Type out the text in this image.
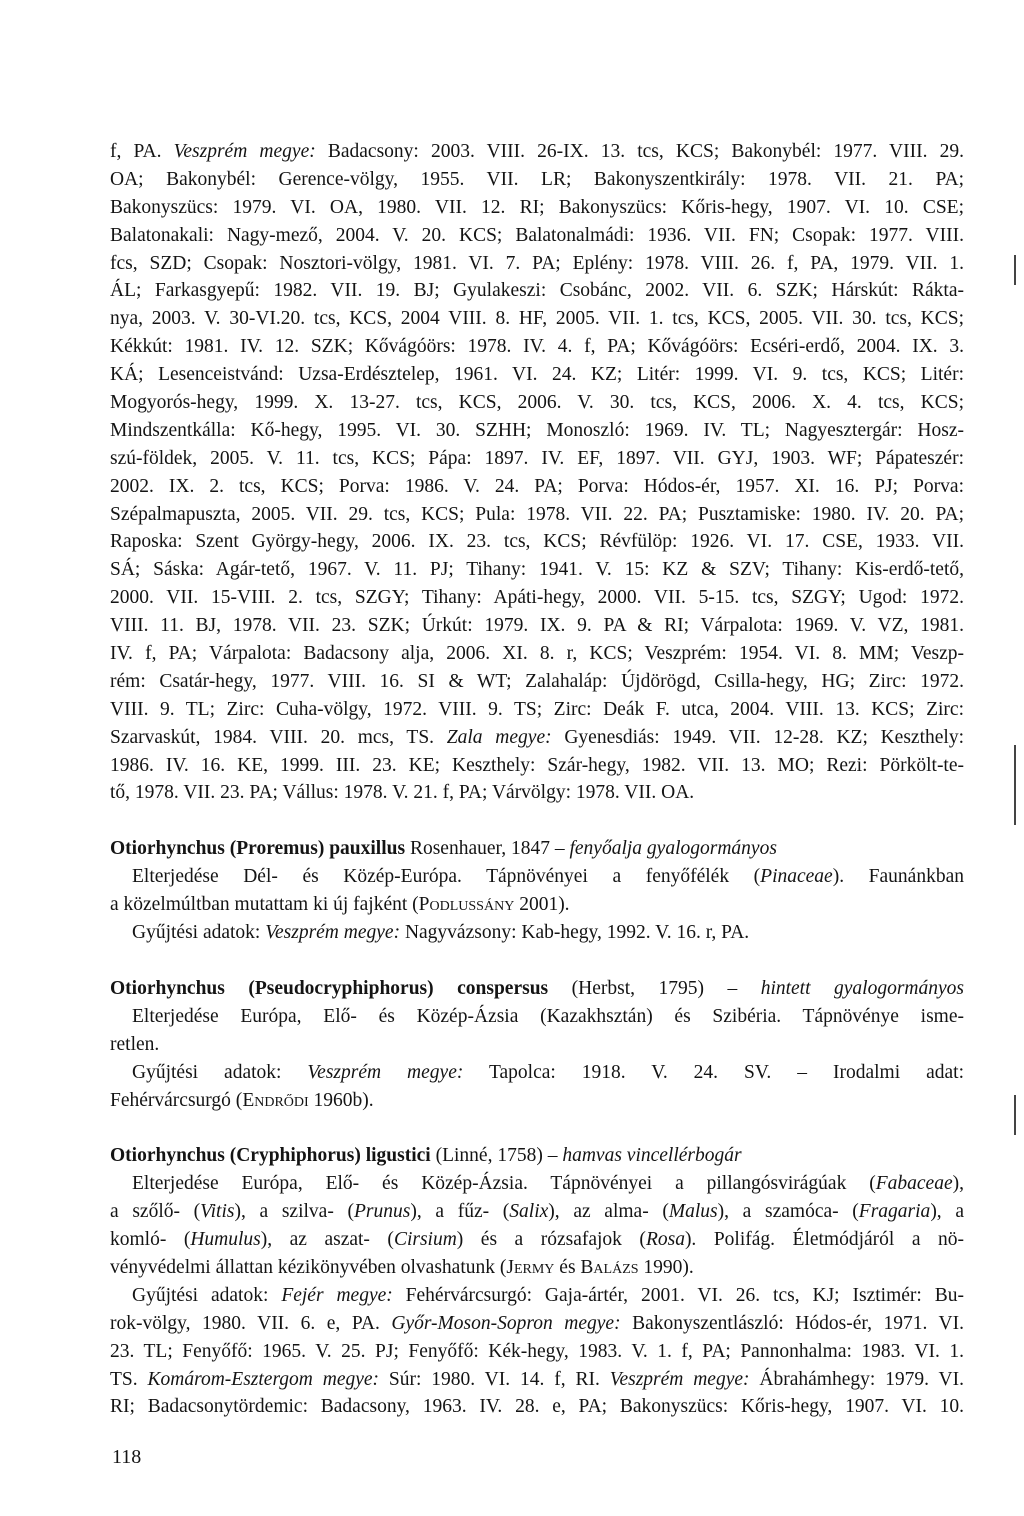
f, PA. Veszprém megye: Badacsony: 2003. VIII. 26-IX. 13. tcs, KCS; Bakonybél: 1977. VIII. 29.
OA; Bakonybél: Gerence-völgy, 1955. VII. LR; Bakonyszentkirály: 1978. VII. 21. PA;
Bakonyszücs: 1979. VI. OA, 1980. VII. 12. RI; Bakonyszücs: Kőris-hegy, 1907. VI. 10. CSE;
Balatonakali: Nagy-mező, 2004. V. 20. KCS; Balatonalmádi: 1936. VII. FN; Csopak: 1977. VIII.
fcs, SZD; Csopak: Nosztori-völgy, 1981. VI. 7. PA; Eplény: 1978. VIII. 26. f, PA, 1979. VII. 1.
ÁL; Farkasgyepű: 1982. VII. 19. BJ; Gyulakeszi: Csobánc, 2002. VII. 6. SZK; Hárskút: Rákta-
nya, 2003. V. 30-VI.20. tcs, KCS, 2004 VIII. 8. HF, 2005. VII. 1. tcs, KCS, 2005. VII. 30. tcs, KCS;
Kékkút: 1981. IV. 12. SZK; Kővágóörs: 1978. IV. 4. f, PA; Kővágóörs: Ecséri-erdő, 2004. IX. 3.
KÁ; Lesenceistvánd: Uzsa-Erdésztelep, 1961. VI. 24. KZ; Litér: 1999. VI. 9. tcs, KCS; Litér:
Mogyorós-hegy, 1999. X. 13-27. tcs, KCS, 2006. V. 30. tcs, KCS, 2006. X. 4. tcs, KCS;
Mindszentkálla: Kő-hegy, 1995. VI. 30. SZHH; Monoszló: 1969. IV. TL; Nagyesztergár: Hosz-
szú-földek, 2005. V. 11. tcs, KCS; Pápa: 1897. IV. EF, 1897. VII. GYJ, 1903. WF; Pápateszér:
2002. IX. 2. tcs, KCS; Porva: 1986. V. 24. PA; Porva: Hódos-ér, 1957. XI. 16. PJ; Porva:
Szépalmapuszta, 2005. VII. 29. tcs, KCS; Pula: 1978. VII. 22. PA; Pusztamiske: 1980. IV. 20. PA;
Raposka: Szent György-hegy, 2006. IX. 23. tcs, KCS; Révfülöp: 1926. VI. 17. CSE, 1933. VII.
SÁ; Sáska: Agár-tető, 1967. V. 11. PJ; Tihany: 1941. V. 15: KZ & SZV; Tihany: Kis-erdő-tető,
2000. VII. 15-VIII. 2. tcs, SZGY; Tihany: Apáti-hegy, 2000. VII. 5-15. tcs, SZGY; Ugod: 1972.
VIII. 11. BJ, 1978. VII. 23. SZK; Úrkút: 1979. IX. 9. PA & RI; Várpalota: 1969. V. VZ, 1981.
IV. f, PA; Várpalota: Badacsony alja, 2006. XI. 8. r, KCS; Veszprém: 1954. VI. 8. MM; Veszp-
rém: Csatár-hegy, 1977. VIII. 16. SI & WT; Zalahaláp: Újdörögd, Csilla-hegy, HG; Zirc: 1972.
VIII. 9. TL; Zirc: Cuha-völgy, 1972. VIII. 9. TS; Zirc: Deák F. utca, 2004. VIII. 13. KCS; Zirc:
Szarvaskút, 1984. VIII. 20. mcs, TS. Zala megye: Gyenesdiás: 1949. VII. 12-28. KZ; Keszthely:
1986. IV. 16. KE, 1999. III. 23. KE; Keszthely: Szár-hegy, 1982. VII. 13. MO; Rezi: Pörkölt-te-
tő, 1978. VII. 23. PA; Vállus: 1978. V. 21. f, PA; Várvölgy: 1978. VII. OA.
Otiorhynchus (Proremus) pauxillus Rosenhauer, 1847 – fenyőalja gyalogormányos
Elterjedése Dél- és Közép-Európa. Tápnövényei a fenyőfélék (Pinaceae). Faunánkban
a közelmúltban mutattam ki új fajként (Podlussány 2001).
Gyűjtési adatok: Veszprém megye: Nagyvázsony: Kab-hegy, 1992. V. 16. r, PA.
Otiorhynchus (Pseudocryphiphorus) conspersus (Herbst, 1795) – hintett gyalogormányos
Elterjedése Európa, Elő- és Közép-Ázsia (Kazakhsztán) és Szibéria. Tápnövénye isme-
retlen.
Gyűjtési adatok: Veszprém megye: Tapolca: 1918. V. 24. SV. – Irodalmi adat:
Fehérvárcsurgó (Endrődi 1960b).
Otiorhynchus (Cryphiphorus) ligustici (Linné, 1758) – hamvas vincellérbogár
Elterjedése Európa, Elő- és Közép-Ázsia. Tápnövényei a pillangósvirágúak (Fabaceae),
a szőlő- (Vitis), a szilva- (Prunus), a fűz- (Salix), az alma- (Malus), a szamóca- (Fragaria), a
komló- (Humulus), az aszat- (Cirsium) és a rózsafajok (Rosa). Polifág. Életmódjáról a nö-
vényvédelmi állattan kézikönyvében olvashatunk (Jermy és Balázs 1990).
Gyűjtési adatok: Fejér megye: Fehérvárcsurgó: Gaja-ártér, 2001. VI. 26. tcs, KJ; Isztimér: Bu-
rok-völgy, 1980. VII. 6. e, PA. Győr-Moson-Sopron megye: Bakonyszentlászló: Hódos-ér, 1971. VI.
23. TL; Fenyőfő: 1965. V. 25. PJ; Fenyőfő: Kék-hegy, 1983. V. 1. f, PA; Pannonhalma: 1983. VI. 1.
TS. Komárom-Esztergom megye: Súr: 1980. VI. 14. f, RI. Veszprém megye: Ábrahámhegy: 1979. VI.
RI; Badacsonytördemic: Badacsony, 1963. IV. 28. e, PA; Bakonyszücs: Kőris-hegy, 1907. VI. 10.
118
